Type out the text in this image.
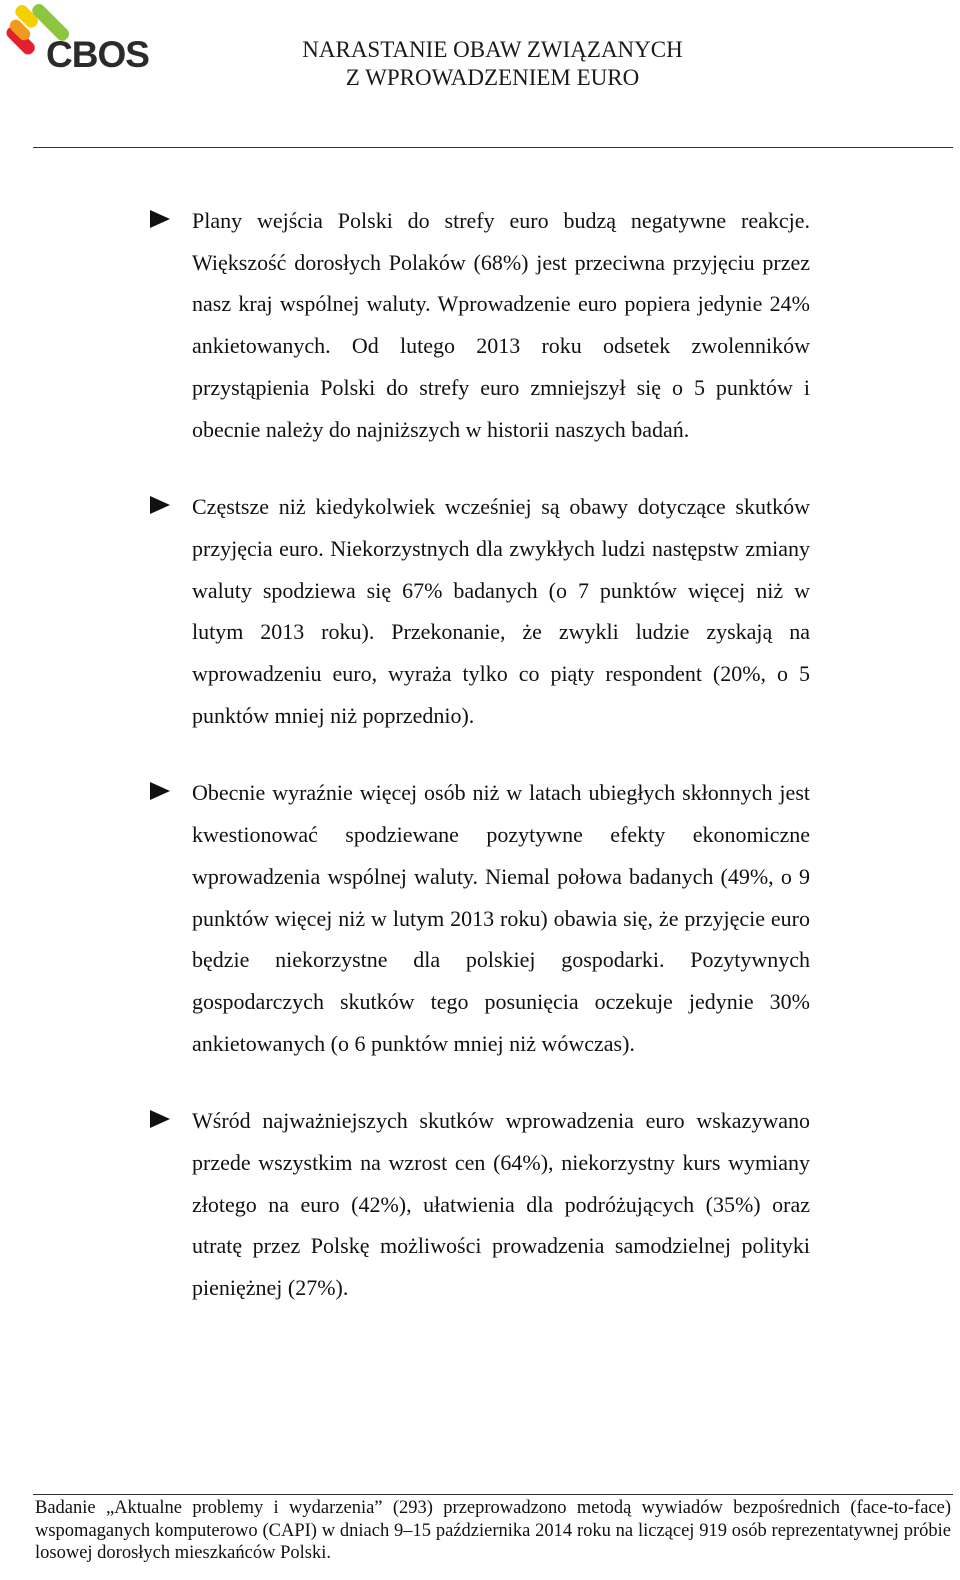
CBOS	NARASTANIE OBAW ZWIĄZANYCH
Z WPROWADZENIEM EURO

Plany wejścia Polski do strefy euro budzą negatywne reakcje. Większość dorosłych Polaków (68%) jest przeciwna przyjęciu przez nasz kraj wspólnej waluty. Wprowadzenie euro popiera jedynie 24% ankietowanych. Od lutego 2013 roku odsetek zwolenników przystąpienia Polski do strefy euro zmniejszył się o 5 punktów i obecnie należy do najniższych w historii naszych badań.

Częstsze niż kiedykolwiek wcześniej są obawy dotyczące skutków przyjęcia euro. Niekorzystnych dla zwykłych ludzi następstw zmiany waluty spodziewa się 67% badanych (o 7 punktów więcej niż w lutym 2013 roku). Przekonanie, że zwykli ludzie zyskają na wprowadzeniu euro, wyraża tylko co piąty respondent (20%, o 5 punktów mniej niż poprzednio).

Obecnie wyraźnie więcej osób niż w latach ubiegłych skłonnych jest kwestionować spodziewane pozytywne efekty ekonomiczne wprowadzenia wspólnej waluty. Niemal połowa badanych (49%, o 9 punktów więcej niż w lutym 2013 roku) obawia się, że przyjęcie euro będzie niekorzystne dla polskiej gospodarki. Pozytywnych gospodarczych skutków tego posunięcia oczekuje jedynie 30% ankietowanych (o 6 punktów mniej niż wówczas).

Wśród najważniejszych skutków wprowadzenia euro wskazywano przede wszystkim na wzrost cen (64%), niekorzystny kurs wymiany złotego na euro (42%), ułatwienia dla podróżujących (35%) oraz utratę przez Polskę możliwości prowadzenia samodzielnej polityki pieniężnej (27%).

Badanie „Aktualne problemy i wydarzenia” (293) przeprowadzono metodą wywiadów bezpośrednich (face-to-face) wspomaganych komputerowo (CAPI) w dniach 9–15 października 2014 roku na liczącej 919 osób reprezentatywnej próbie losowej dorosłych mieszkańców Polski.
